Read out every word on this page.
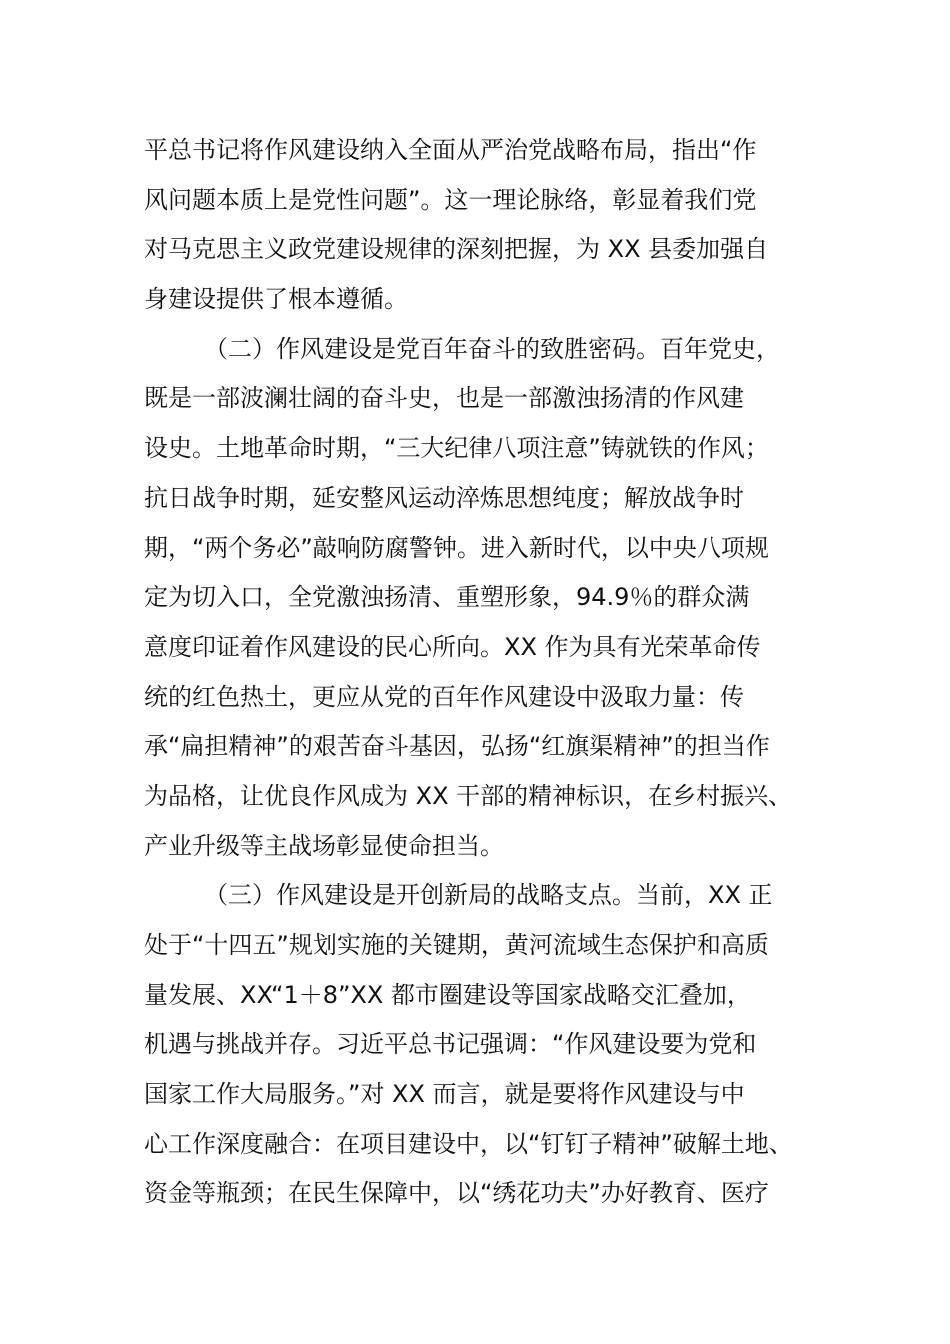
平总书记将作风建设纳入全面从严治党战略布局，指出“作
风问题本质上是党性问题”。这一理论脉络，彰显着我们党
对马克思主义政党建设规律的深刻把握，为 XX 县委加强自
身建设提供了根本遵循。
（二）作风建设是党百年奋斗的致胜密码。百年党史，
既是一部波澜壮阔的奋斗史，也是一部激浊扬清的作风建
设史。土地革命时期，“三大纪律八项注意”铸就铁的作风；
抗日战争时期，延安整风运动淬炼思想纯度；解放战争时
期，“两个务必”敲响防腐警钟。进入新时代，以中央八项规
定为切入口，全党激浊扬清、重塑形象，94.9％的群众满
意度印证着作风建设的民心所向。XX 作为具有光荣革命传
统的红色热土，更应从党的百年作风建设中汲取力量：传
承“扁担精神”的艰苦奋斗基因，弘扬“红旗渠精神”的担当作
为品格，让优良作风成为 XX 干部的精神标识，在乡村振兴、
产业升级等主战场彰显使命担当。
（三）作风建设是开创新局的战略支点。当前，XX 正
处于“十四五”规划实施的关键期，黄河流域生态保护和高质
量发展、XX“1＋8”XX 都市圈建设等国家战略交汇叠加，
机遇与挑战并存。习近平总书记强调：“作风建设要为党和
国家工作大局服务。”对 XX 而言，就是要将作风建设与中
心工作深度融合：在项目建设中，以“钉钉子精神”破解土地、
资金等瓶颈；在民生保障中，以“绣花功夫”办好教育、医疗
